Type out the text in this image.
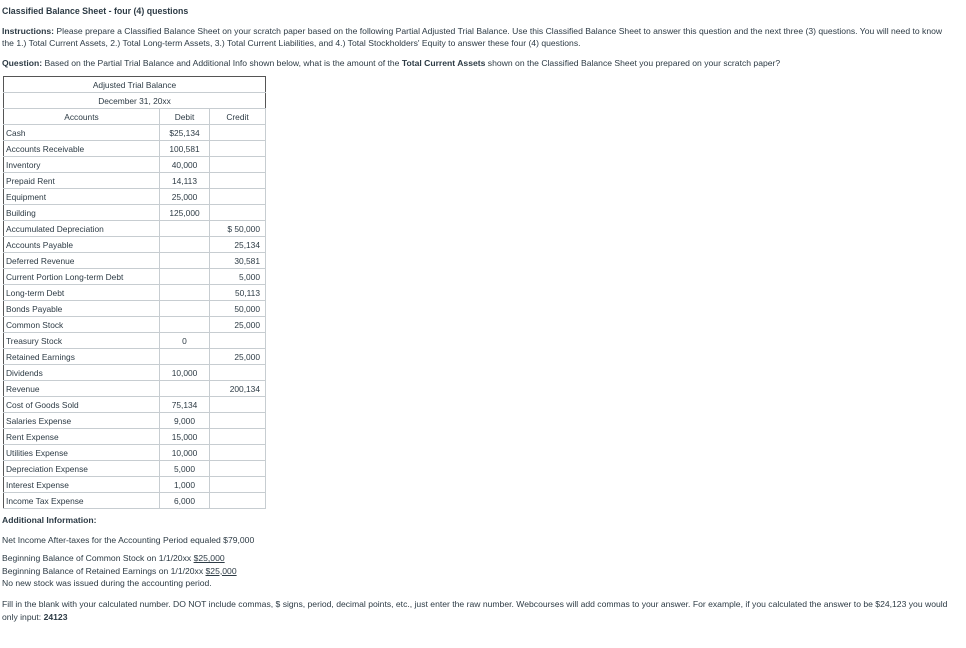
Classified Balance Sheet - four (4) questions
Instructions: Please prepare a Classified Balance Sheet on your scratch paper based on the following Partial Adjusted Trial Balance. Use this Classified Balance Sheet to answer this question and the next three (3) questions. You will need to know the 1.) Total Current Assets, 2.) Total Long-term Assets, 3.) Total Current Liabilities, and 4.) Total Stockholders' Equity to answer these four (4) questions.
Question: Based on the Partial Trial Balance and Additional Info shown below, what is the amount of the Total Current Assets shown on the Classified Balance Sheet you prepared on your scratch paper?
Adjusted Trial Balance		
December 31, 20xx		
Accounts	Debit	Credit
Cash	$25,134	
Accounts Receivable	100,581	
Inventory	40,000	
Prepaid Rent	14,113	
Equipment	25,000	
Building	125,000	
Accumulated Depreciation		$ 50,000
Accounts Payable		25,134
Deferred Revenue		30,581
Current Portion Long-term Debt		5,000
Long-term Debt		50,113
Bonds Payable		50,000
Common Stock		25,000
Treasury Stock	0	
Retained Earnings		25,000
Dividends	10,000	
Revenue		200,134
Cost of Goods Sold	75,134	
Salaries Expense	9,000	
Rent Expense	15,000	
Utilities Expense	10,000	
Depreciation Expense	5,000	
Interest Expense	1,000	
Income Tax Expense	6,000	
Additional Information:
Net Income After-taxes for the Accounting Period equaled $79,000
Beginning Balance of Common Stock on 1/1/20xx $25,000
Beginning Balance of Retained Earnings on 1/1/20xx $25,000
No new stock was issued during the accounting period.
Fill in the blank with your calculated number. DO NOT include commas, $ signs, period, decimal points, etc., just enter the raw number. Webcourses will add commas to your answer. For example, if you calculated the answer to be $24,123 you would only input: 24123
